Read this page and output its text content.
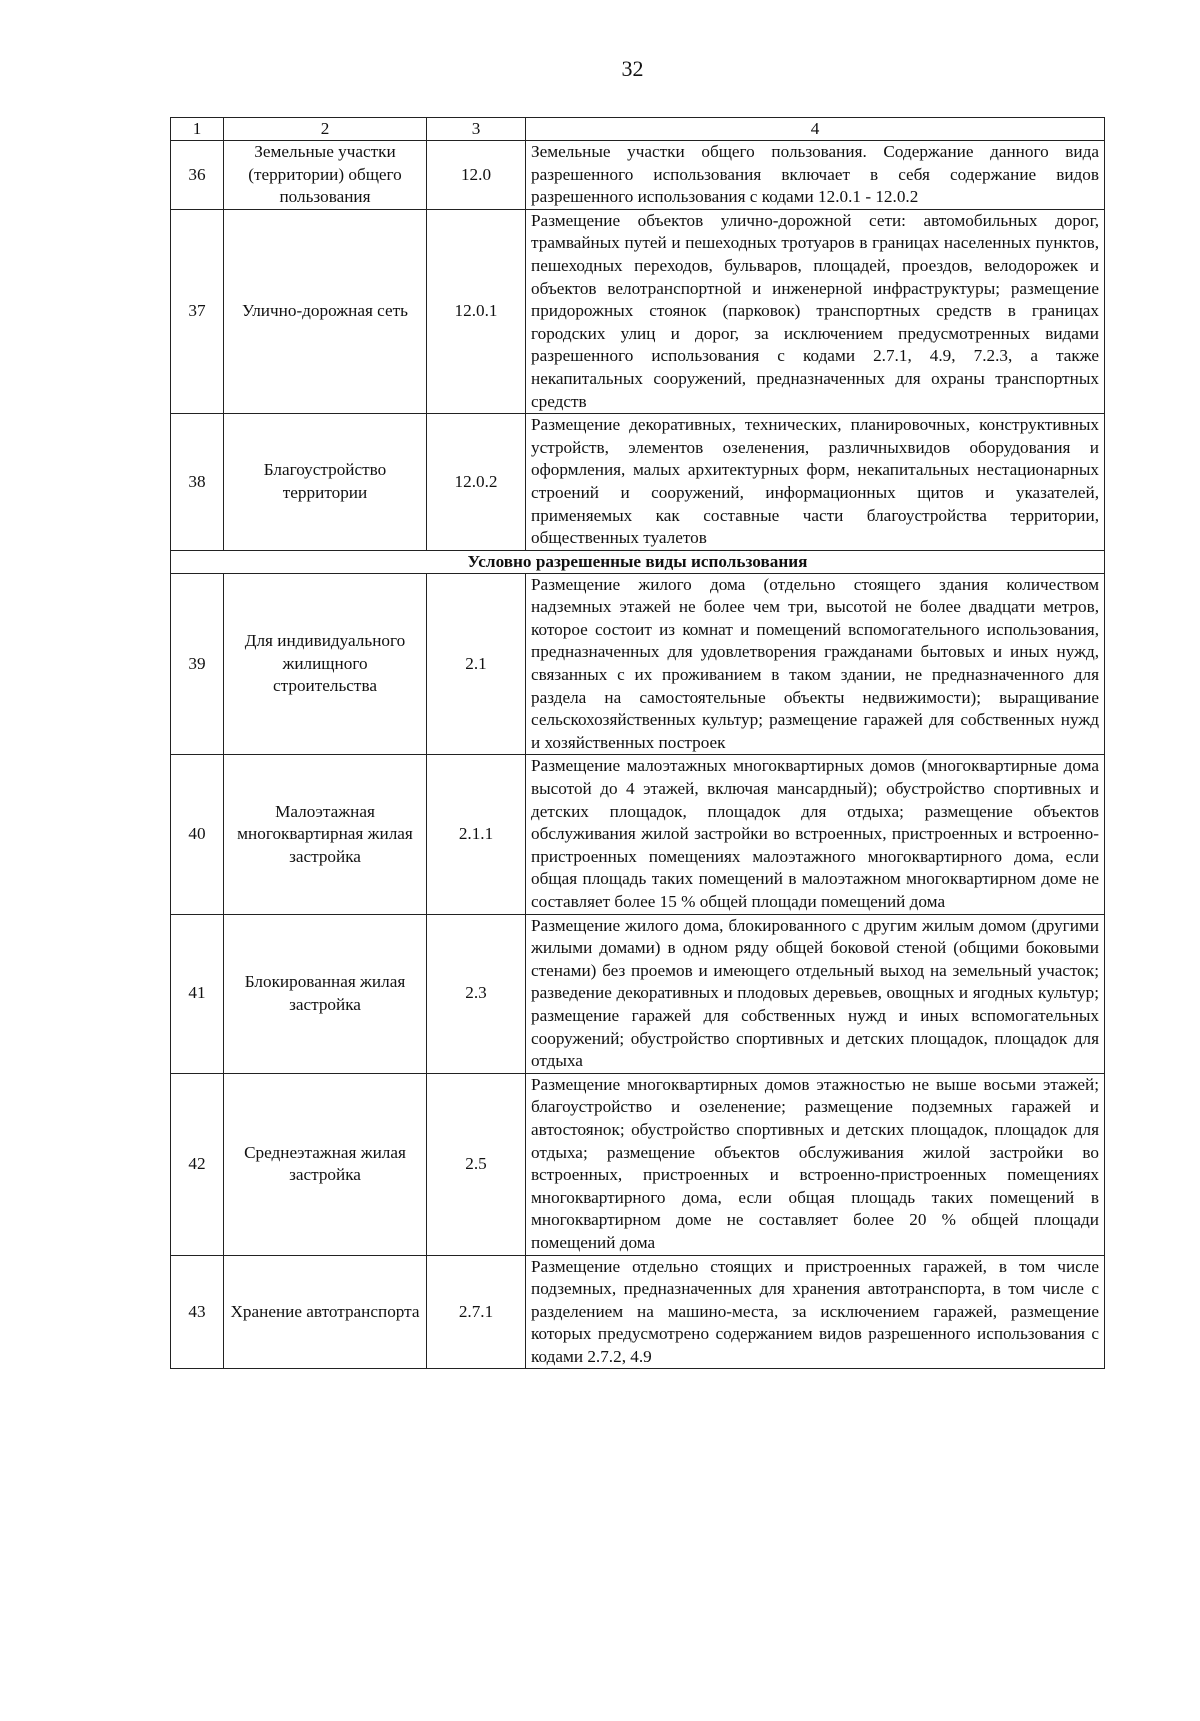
32
1	2	3	4
36	Земельные участки (территории) общего пользования	12.0	Земельные участки общего пользования. Содержание данного вида разрешенного использования включает в себя содержание видов разрешенного использования с кодами 12.0.1 - 12.0.2
37	Улично-дорожная сеть	12.0.1	Размещение объектов улично-дорожной сети: автомобильных дорог, трамвайных путей и пешеходных тротуаров в границах населенных пунктов, пешеходных переходов, бульваров, площадей, проездов, велодорожек и объектов велотранспортной и инженерной инфраструктуры; размещение придорожных стоянок (парковок) транспортных средств в границах городских улиц и дорог, за исключением предусмотренных видами разрешенного использования с кодами 2.7.1, 4.9, 7.2.3, а также некапитальных сооружений, предназначенных для охраны транспортных средств
38	Благоустройство территории	12.0.2	Размещение декоративных, технических, планировочных, конструктивных устройств, элементов озеленения, различныхвидов оборудования и оформления, малых архитектурных форм, некапитальных нестационарных строений и сооружений, информационных щитов и указателей, применяемых как составные части благоустройства территории, общественных туалетов
Условно разрешенные виды использования			
39	Для индивидуального жилищного строительства	2.1	Размещение жилого дома (отдельно стоящего здания количеством надземных этажей не более чем три, высотой не более двадцати метров, которое состоит из комнат и помещений вспомогательного использования, предназначенных для удовлетворения гражданами бытовых и иных нужд, связанных с их проживанием в таком здании, не предназначенного для раздела на самостоятельные объекты недвижимости); выращивание сельскохозяйственных культур; размещение гаражей для собственных нужд и хозяйственных построек
40	Малоэтажная многоквартирная жилая застройка	2.1.1	Размещение малоэтажных многоквартирных домов (многоквартирные дома высотой до 4 этажей, включая мансардный); обустройство спортивных и детских площадок, площадок для отдыха; размещение объектов обслуживания жилой застройки во встроенных, пристроенных и встроенно-пристроенных помещениях малоэтажного многоквартирного дома, если общая площадь таких помещений в малоэтажном многоквартирном доме не составляет более 15 % общей площади помещений дома
41	Блокированная жилая застройка	2.3	Размещение жилого дома, блокированного с другим жилым домом (другими жилыми домами) в одном ряду общей боковой стеной (общими боковыми стенами) без проемов и имеющего отдельный выход на земельный участок; разведение декоративных и плодовых деревьев, овощных и ягодных культур; размещение гаражей для собственных нужд и иных вспомогательных сооружений; обустройство спортивных и детских площадок, площадок для отдыха
42	Среднеэтажная жилая застройка	2.5	Размещение многоквартирных домов этажностью не выше восьми этажей; благоустройство и озеленение; размещение подземных гаражей и автостоянок; обустройство спортивных и детских площадок, площадок для отдыха; размещение объектов обслуживания жилой застройки во встроенных, пристроенных и встроенно-пристроенных помещениях многоквартирного дома, если общая площадь таких помещений в многоквартирном доме не составляет более 20 % общей площади помещений дома
43	Хранение автотранспорта	2.7.1	Размещение отдельно стоящих и пристроенных гаражей, в том числе подземных, предназначенных для хранения автотранспорта, в том числе с разделением на машино-места, за исключением гаражей, размещение которых предусмотрено содержанием видов разрешенного использования с кодами 2.7.2, 4.9
